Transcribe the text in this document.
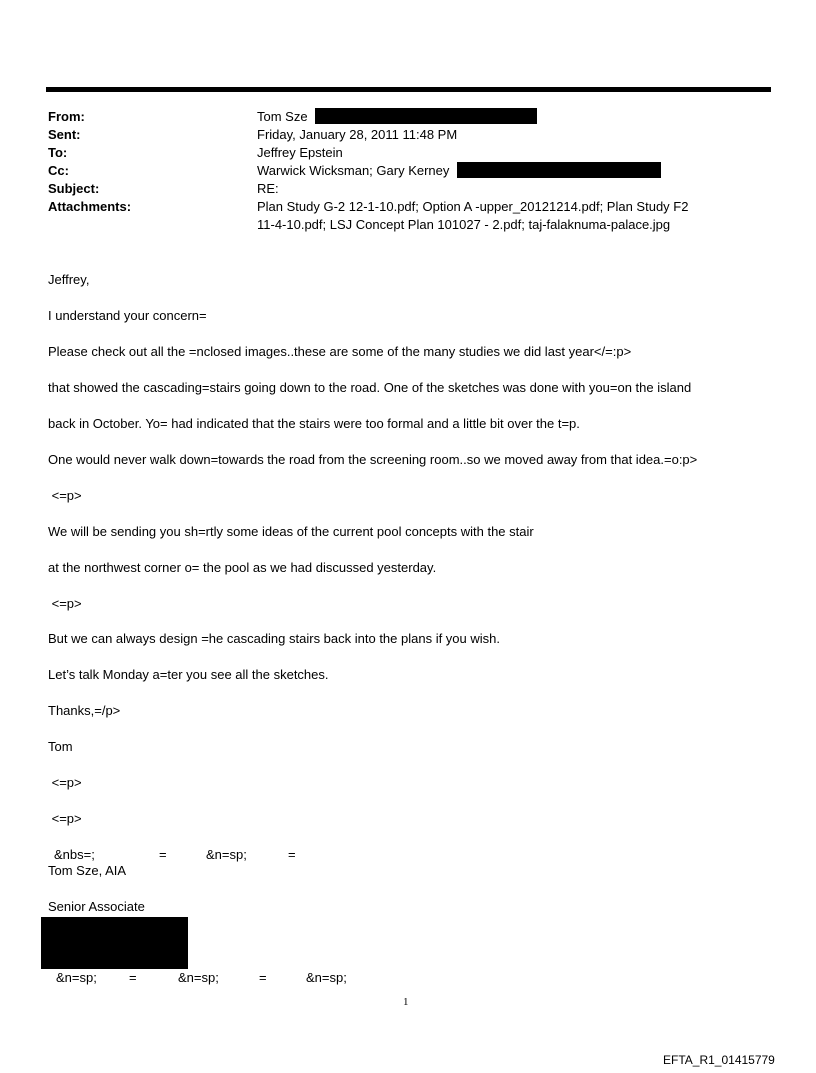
From:	Tom Sze
Sent:	Friday, January 28, 2011 11:48 PM
To:	Jeffrey Epstein
Cc:	Warwick Wicksman; Gary Kerney
Subject:	RE:
Attachments:	Plan Study G-2 12-1-10.pdf; Option A -upper_20121214.pdf; Plan Study F2
11-4-10.pdf; LSJ Concept Plan 101027 - 2.pdf; taj-falaknuma-palace.jpg
Jeffrey,
I understand your concern=
Please check out all the =nclosed images..these are some of the many studies we did last year</=:p>
that showed the cascading=stairs going down to the road. One of the sketches was done with you=on the island
back in October. Yo= had indicated that the stairs were too formal and a little bit over the t=p.
One would never walk down=towards the road from the screening room..so we moved away from that idea.=o:p>
<=p>
We will be sending you sh=rtly some ideas of the current pool concepts with the stair
at the northwest corner o= the pool as we had discussed yesterday.
<=p>
But we can always design =he cascading stairs back into the plans if you wish.
Let’s talk Monday a=ter you see all the sketches.
Thanks,=/p>
Tom
<=p>
<=p>
&nbs=;	=	&n=sp;	=
Tom Sze, AIA
Senior Associate
&n=sp; =	&n=sp;	=	&n=sp;
1
EFTA_R1_01415779
